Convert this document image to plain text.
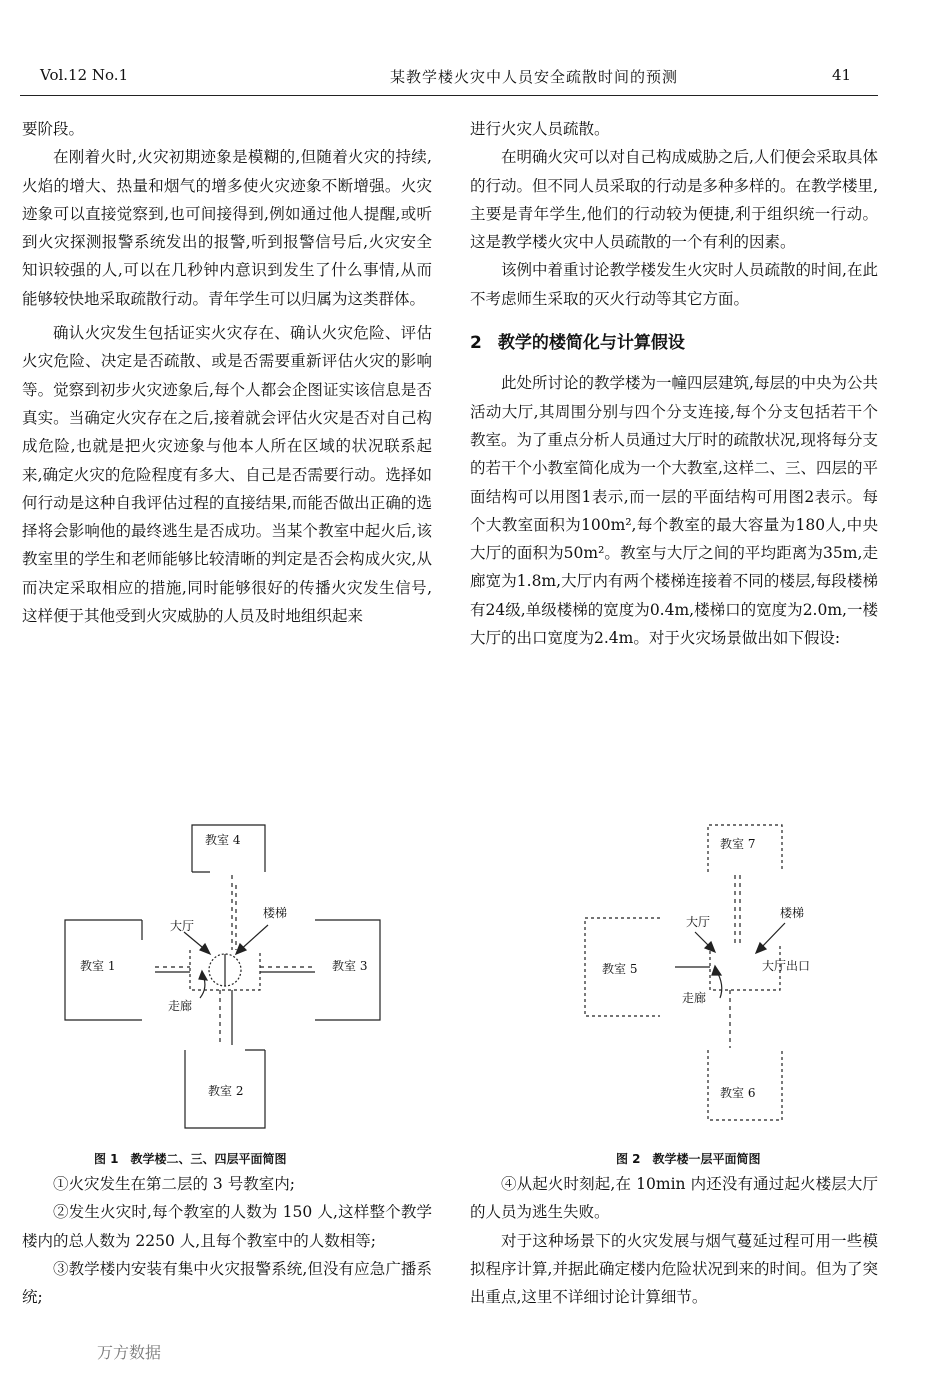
Vol.12 No.1	某教学楼火灾中人员安全疏散时间的预测	41

要阶段。

在刚着火时,火灾初期迹象是模糊的,但随着火灾的持续,火焰的增大、热量和烟气的增多使火灾迹象不断增强。火灾迹象可以直接觉察到,也可间接得到,例如通过他人提醒,或听到火灾探测报警系统发出的报警,听到报警信号后,火灾安全知识较强的人,可以在几秒钟内意识到发生了什么事情,从而能够较快地采取疏散行动。青年学生可以归属为这类群体。

确认火灾发生包括证实火灾存在、确认火灾危险、评估火灾危险、决定是否疏散、或是否需要重新评估火灾的影响等。觉察到初步火灾迹象后,每个人都会企图证实该信息是否真实。当确定火灾存在之后,接着就会评估火灾是否对自己构成危险,也就是把火灾迹象与他本人所在区域的状况联系起来,确定火灾的危险程度有多大、自己是否需要行动。选择如何行动是这种自我评估过程的直接结果,而能否做出正确的选择将会影响他的最终逃生是否成功。当某个教室中起火后,该教室里的学生和老师能够比较清晰的判定是否会构成火灾,从而决定采取相应的措施,同时能够很好的传播火灾发生信号,这样便于其他受到火灾威胁的人员及时地组织起来

进行火灾人员疏散。

在明确火灾可以对自己构成威胁之后,人们便会采取具体的行动。但不同人员采取的行动是多种多样的。在教学楼里,主要是青年学生,他们的行动较为便捷,利于组织统一行动。这是教学楼火灾中人员疏散的一个有利的因素。

该例中着重讨论教学楼发生火灾时人员疏散的时间,在此不考虑师生采取的灭火行动等其它方面。

2 教学的楼简化与计算假设

此处所讨论的教学楼为一幢四层建筑,每层的中央为公共活动大厅,其周围分别与四个分支连接,每个分支包括若干个教室。为了重点分析人员通过大厅时的疏散状况,现将每分支的若干个小教室简化成为一个大教室,这样二、三、四层的平面结构可以用图1表示,而一层的平面结构可用图2表示。每个大教室面积为100m²,每个教室的最大容量为180人,中央大厅的面积为50m²。教室与大厅之间的平均距离为35m,走廊宽为1.8m,大厅内有两个楼梯连接着不同的楼层,每段楼梯有24级,单级楼梯的宽度为0.4m,楼梯口的宽度为2.0m,一楼大厅的出口宽度为2.4m。对于火灾场景做出如下假设:

教室 4
教室 1	教室 3
教室 2
大厅
楼梯
走廊
图 1　教学楼二、三、四层平面简图
教室 7
教室 5
教室 6
大厅
楼梯
大厅出口
走廊
图 2　教学楼一层平面简图

①火灾发生在第二层的 3 号教室内;

②发生火灾时,每个教室的人数为 150 人,这样整个教学楼内的总人数为 2250 人,且每个教室中的人数相等;

③教学楼内安装有集中火灾报警系统,但没有应急广播系统;

④从起火时刻起,在 10min 内还没有通过起火楼层大厅的人员为逃生失败。

对于这种场景下的火灾发展与烟气蔓延过程可用一些模拟程序计算,并据此确定楼内危险状况到来的时间。但为了突出重点,这里不详细讨论计算细节。

万方数据
